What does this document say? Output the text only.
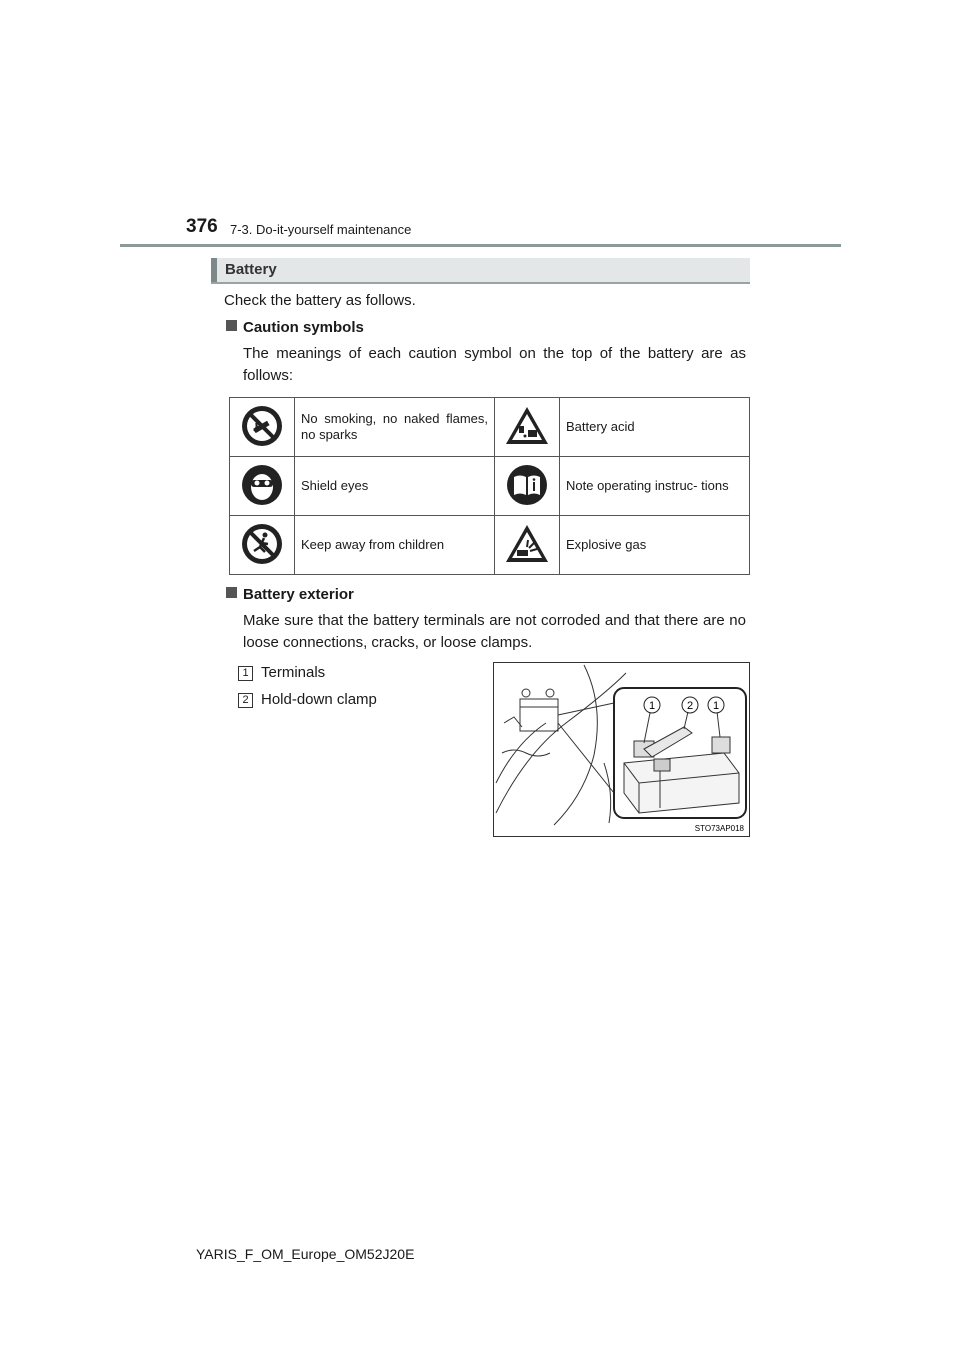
376 7-3. Do-it-yourself maintenance
Battery
Check the battery as follows.
Caution symbols
The meanings of each caution symbol on the top of the battery are as follows:
	No smoking, no naked flames, no sparks		Battery acid
	Shield eyes		Note operating instruc- tions
	Keep away from children		Explosive gas
Battery exterior
Make sure that the battery terminals are not corroded and that there are no loose connections, cracks, or loose clamps.
1 Terminals
2 Hold-down clamp	1	2 1
STO73AP018
YARIS_F_OM_Europe_OM52J20E
